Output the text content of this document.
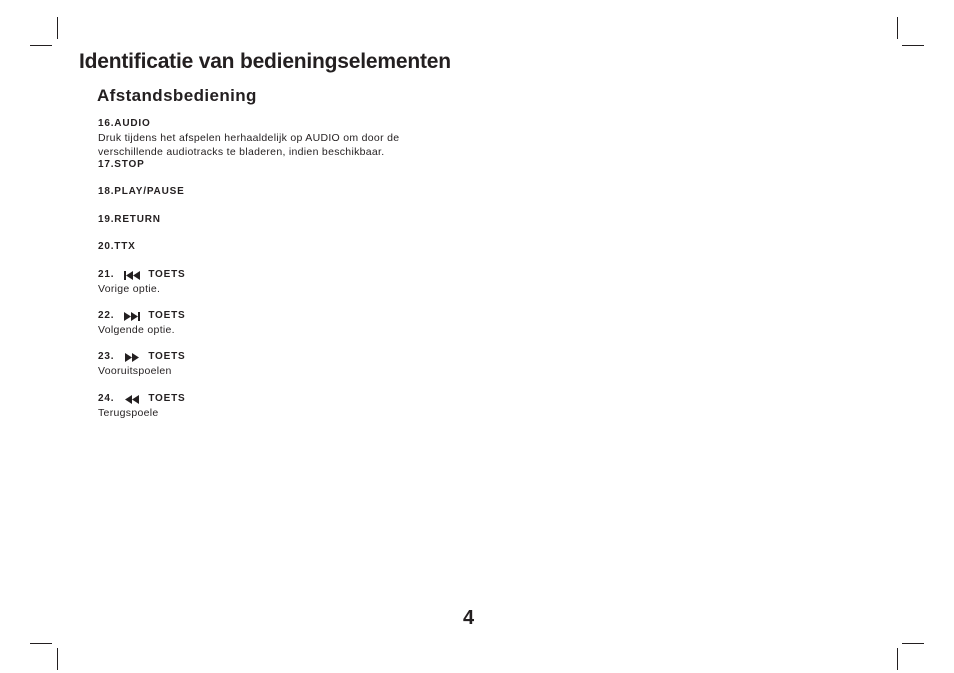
Identificatie van bedieningselementen
Afstandsbediening
16.AUDIO
Druk tijdens het afspelen herhaaldelijk op AUDIO om door de
verschillende audiotracks te bladeren, indien beschikbaar.
17.STOP
18.PLAY/PAUSE
19.RETURN
20.TTX
21.	TOETS
Vorige optie.
22.	TOETS
Volgende optie.
23.	TOETS
Vooruitspoelen
24.	TOETS
Terugspoele
4
